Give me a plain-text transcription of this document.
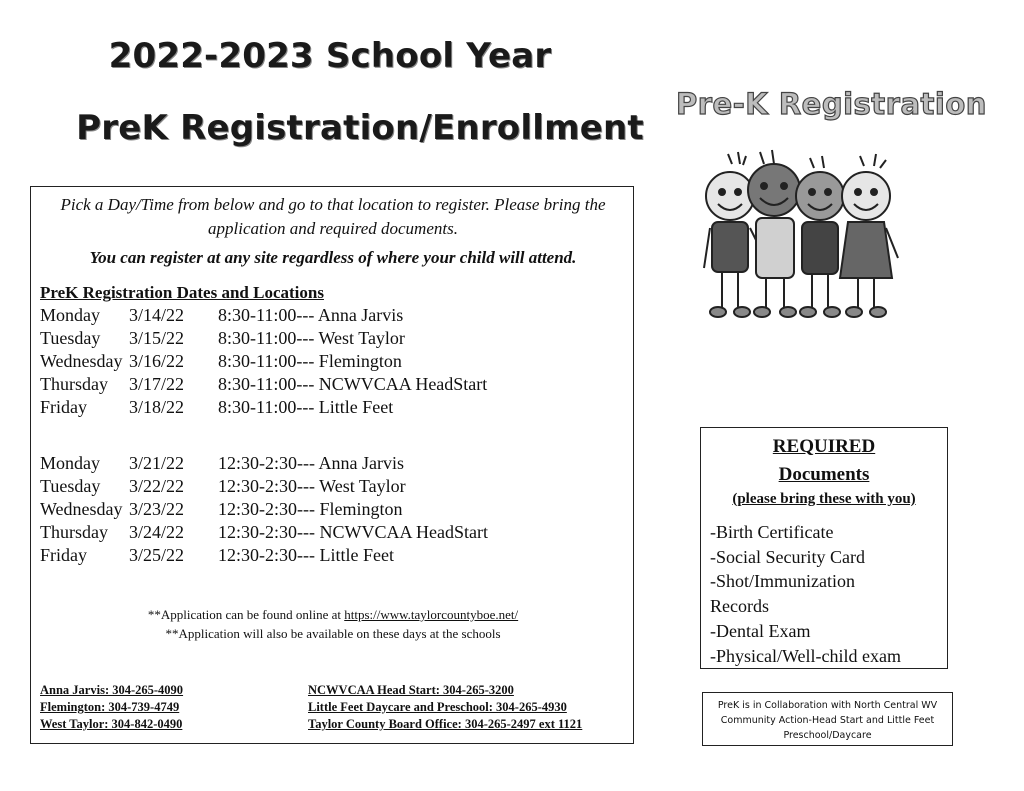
2022-2023 School Year
PreK Registration/Enrollment
Pick a Day/Time from below and go to that location to register. Please bring the application and required documents.
You can register at any site regardless of where your child will attend.
PreK Registration Dates and Locations
Monday 3/14/22 8:30-11:00--- Anna Jarvis
Tuesday 3/15/22 8:30-11:00--- West Taylor
Wednesday 3/16/22 8:30-11:00--- Flemington
Thursday 3/17/22 8:30-11:00--- NCWVCAA HeadStart
Friday 3/18/22 8:30-11:00--- Little Feet
Monday 3/21/22 12:30-2:30--- Anna Jarvis
Tuesday 3/22/22 12:30-2:30--- West Taylor
Wednesday 3/23/22 12:30-2:30--- Flemington
Thursday 3/24/22 12:30-2:30--- NCWVCAA HeadStart
Friday 3/25/22 12:30-2:30--- Little Feet
**Application can be found online at https://www.taylorcountyboe.net/
**Application will also be available on these days at the schools
Anna Jarvis: 304-265-4090
Flemington: 304-739-4749
West Taylor: 304-842-0490
NCWVCAA Head Start: 304-265-3200
Little Feet Daycare and Preschool: 304-265-4930
Taylor County Board Office: 304-265-2497 ext 1121
Pre-K Registration
REQUIRED
Documents
(please bring these with you)
-Birth Certificate
-Social Security Card
-Shot/Immunization
Records
-Dental Exam
-Physical/Well-child exam
PreK is in Collaboration with North Central WV Community Action-Head Start and Little Feet Preschool/Daycare
